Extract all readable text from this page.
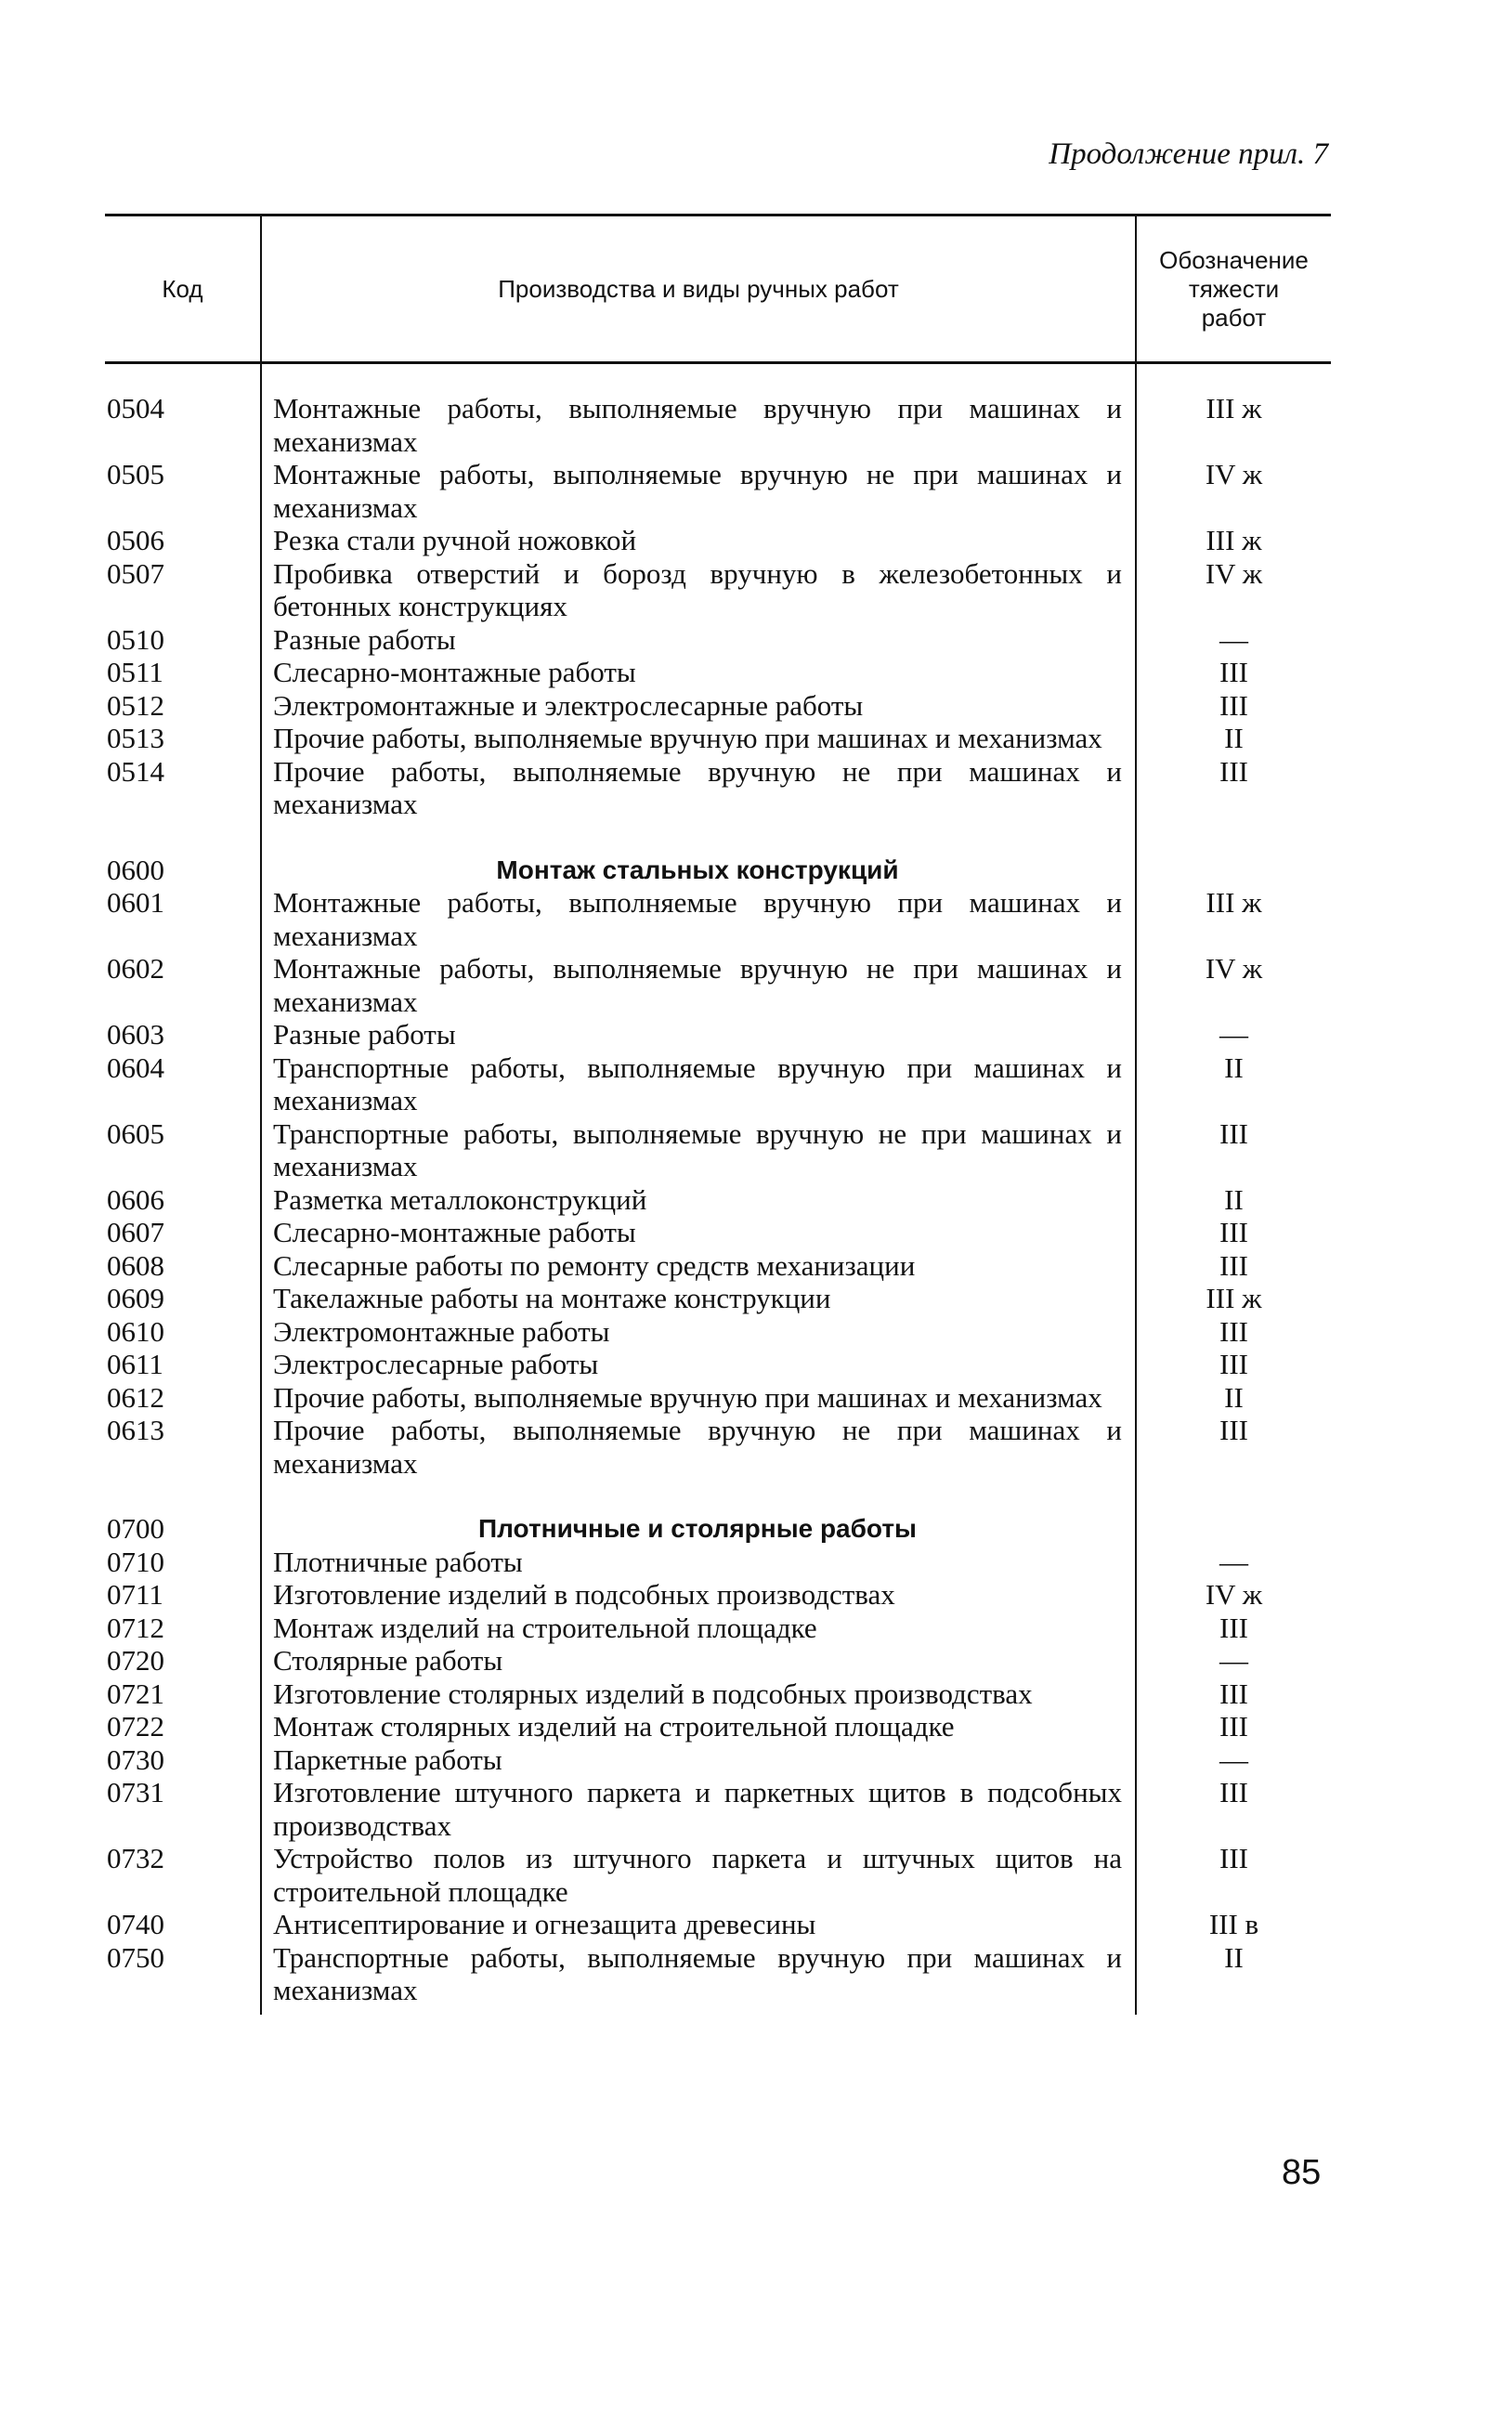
Продолжение прил. 7
Код	Производства и виды ручных работ	Обозначение тяжести работ

0504	Монтажные работы, выполняемые вручную при машинах и механизмах	III ж
0505	Монтажные работы, выполняемые вручную не при машинах и механизмах	IV ж
0506	Резка стали ручной ножовкой	III ж
0507	Пробивка отверстий и борозд вручную в железобетонных и бетонных конструкциях	IV ж
0510	Разные работы	—
0511	Слесарно-монтажные работы	III
0512	Электромонтажные и электрослесарные работы	III
0513	Прочие работы, выполняемые вручную при машинах и механизмах	II
0514	Прочие работы, выполняемые вручную не при машинах и механизмах	III

0600	Монтаж стальных конструкций	
0601	Монтажные работы, выполняемые вручную при машинах и механизмах	III ж
0602	Монтажные работы, выполняемые вручную не при машинах и механизмах	IV ж
0603	Разные работы	—
0604	Транспортные работы, выполняемые вручную при машинах и механизмах	II
0605	Транспортные работы, выполняемые вручную не при машинах и механизмах	III
0606	Разметка металлоконструкций	II
0607	Слесарно-монтажные работы	III
0608	Слесарные работы по ремонту средств механизации	III
0609	Такелажные работы на монтаже конструкции	III ж
0610	Электромонтажные работы	III
0611	Электрослесарные работы	III
0612	Прочие работы, выполняемые вручную при машинах и механизмах	II
0613	Прочие работы, выполняемые вручную не при машинах и механизмах	III

0700	Плотничные и столярные работы	
0710	Плотничные работы	—
0711	Изготовление изделий в подсобных производствах	IV ж
0712	Монтаж изделий на строительной площадке	III
0720	Столярные работы	—
0721	Изготовление столярных изделий в подсобных производствах	III
0722	Монтаж столярных изделий на строительной площадке	III
0730	Паркетные работы	—
0731	Изготовление штучного паркета и паркетных щитов в подсобных производствах	III
0732	Устройство полов из штучного паркета и штучных щитов на строительной площадке	III
0740	Антисептирование и огнезащита древесины	III в
0750	Транспортные работы, выполняемые вручную при машинах и механизмах	II

85
